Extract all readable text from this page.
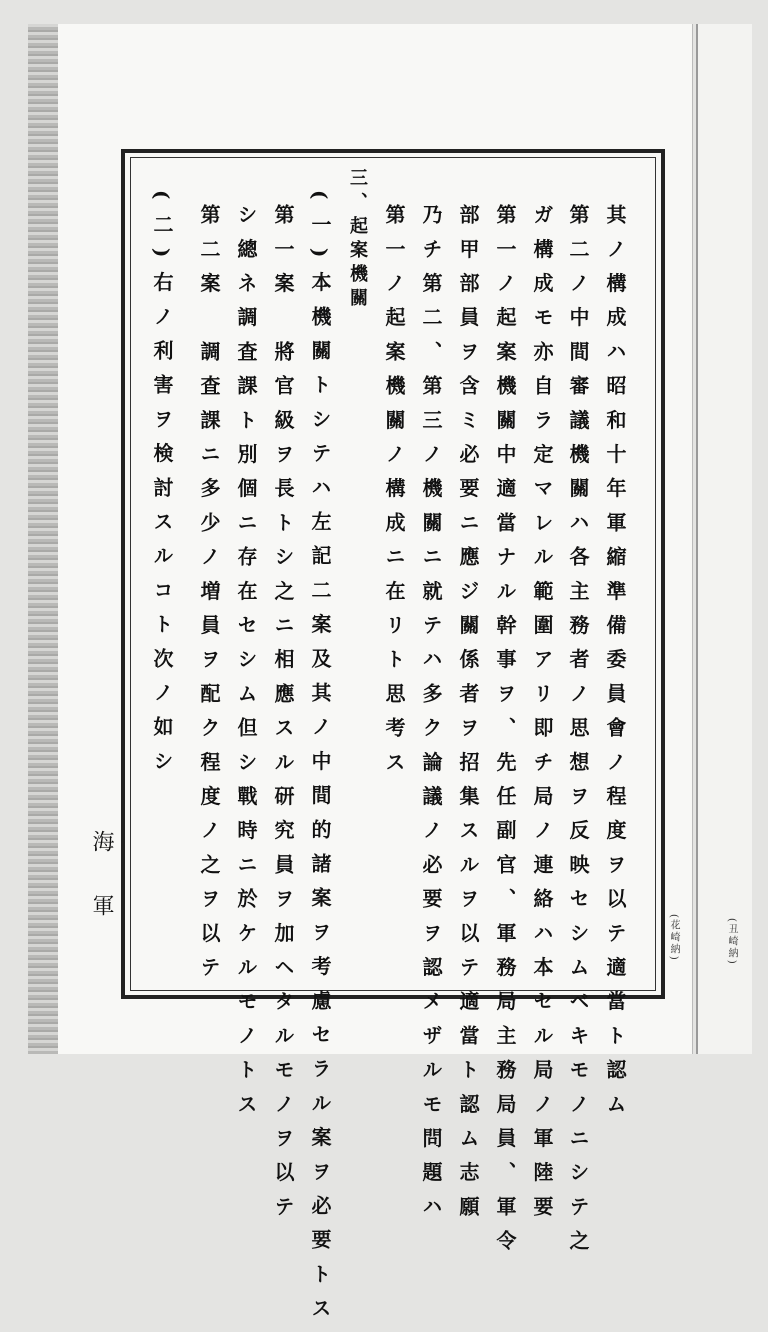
其ノ構成ハ昭和十年軍縮準備委員會ノ程度ヲ以テ適當ト認ム
第二ノ中間審議機關ハ各主務者ノ思想ヲ反映セシムベキモノニシテ之
ガ構成モ亦自ラ定マレル範圍アリ即チ局ノ連絡ハ本セル局ノ軍陸要
第一ノ起案機關中適當ナル幹事ヲ、先任副官、軍務局主務局員、軍令
部甲部員ヲ含ミ必要ニ應ジ關係者ヲ招集スルヲ以テ適當ト認ム志願
乃チ第二、第三ノ機關ニ就テハ多ク論議ノ必要ヲ認メザルモ問題ハ
第一ノ起案機關ノ構成ニ在リト思考ス
三、起案機關
(一)本機關トシテハ左記二案及其ノ中間的諸案ヲ考慮セラル案ヲ必要トス
第一案　將官級ヲ長トシ之ニ相應スル研究員ヲ加ヘタルモノヲ以テ
シ總ネ調査課ト別個ニ存在セシム但シ戰時ニ於ケルモノトス
第二案　調査課ニ多少ノ増員ヲ配ク程度ノ之ヲ以テ
(二)右ノ利害ヲ検討スルコト次ノ如シ
海軍	(花崎納)	(丑崎納)
